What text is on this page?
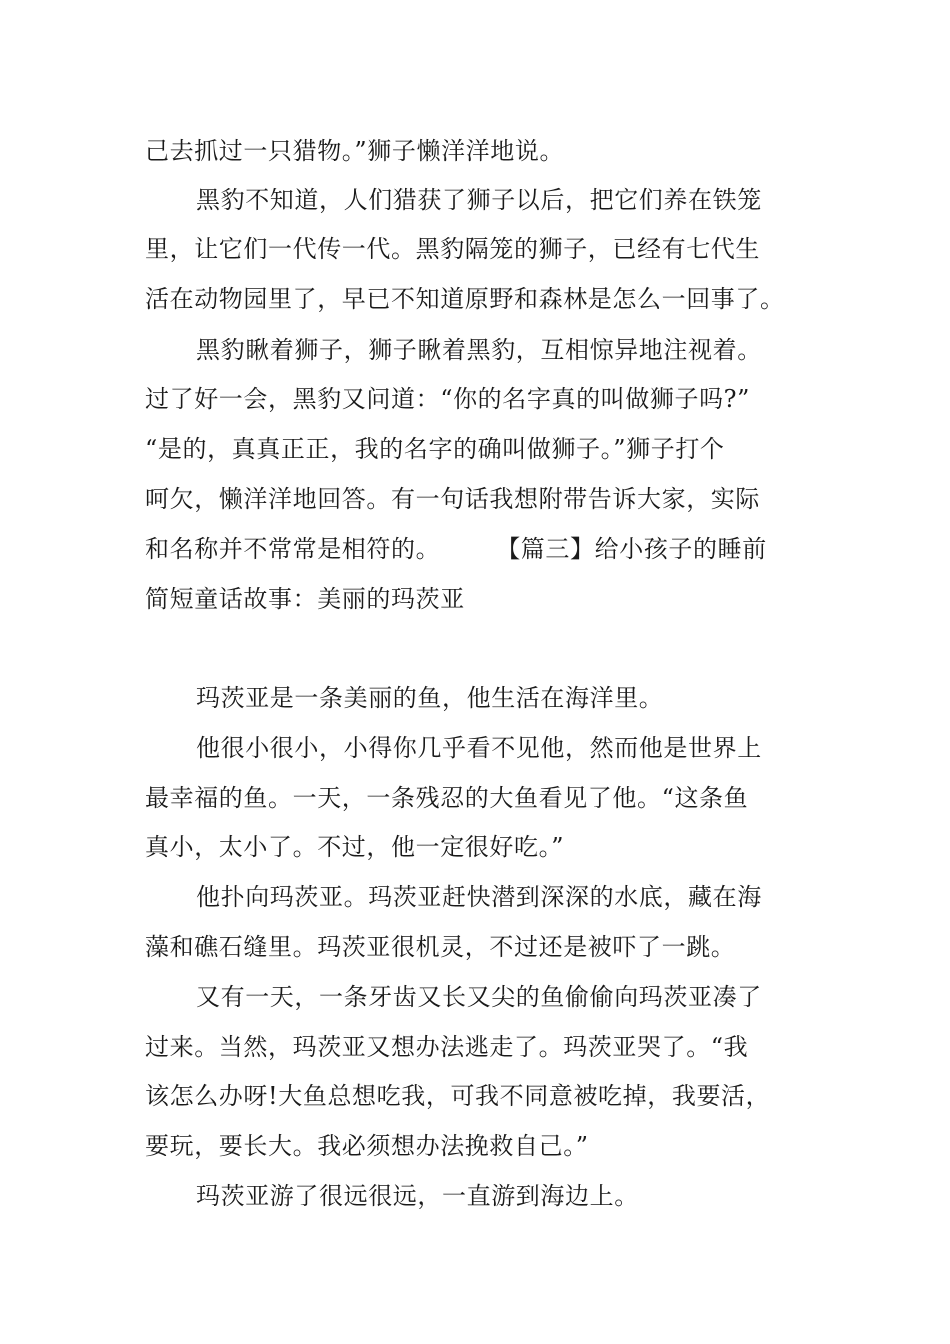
己去抓过一只猎物。”狮子懒洋洋地说。
黑豹不知道，人们猎获了狮子以后，把它们养在铁笼
里，让它们一代传一代。黑豹隔笼的狮子，已经有七代生
活在动物园里了，早已不知道原野和森林是怎么一回事了。
黑豹瞅着狮子，狮子瞅着黑豹，互相惊异地注视着。
过了好一会，黑豹又问道：“你的名字真的叫做狮子吗?”
“是的，真真正正，我的名字的确叫做狮子。”狮子打个
呵欠，懒洋洋地回答。有一句话我想附带告诉大家，实际
和名称并不常常是相符的。 【篇三】给小孩子的睡前
简短童话故事：美丽的玛茨亚
玛茨亚是一条美丽的鱼，他生活在海洋里。
他很小很小，小得你几乎看不见他，然而他是世界上
最幸福的鱼。一天，一条残忍的大鱼看见了他。“这条鱼
真小，太小了。不过，他一定很好吃。”
他扑向玛茨亚。玛茨亚赶快潜到深深的水底，藏在海
藻和礁石缝里。玛茨亚很机灵，不过还是被吓了一跳。
又有一天，一条牙齿又长又尖的鱼偷偷向玛茨亚凑了
过来。当然，玛茨亚又想办法逃走了。玛茨亚哭了。“我
该怎么办呀!大鱼总想吃我，可我不同意被吃掉，我要活，
要玩，要长大。我必须想办法挽救自己。”
玛茨亚游了很远很远，一直游到海边上。
